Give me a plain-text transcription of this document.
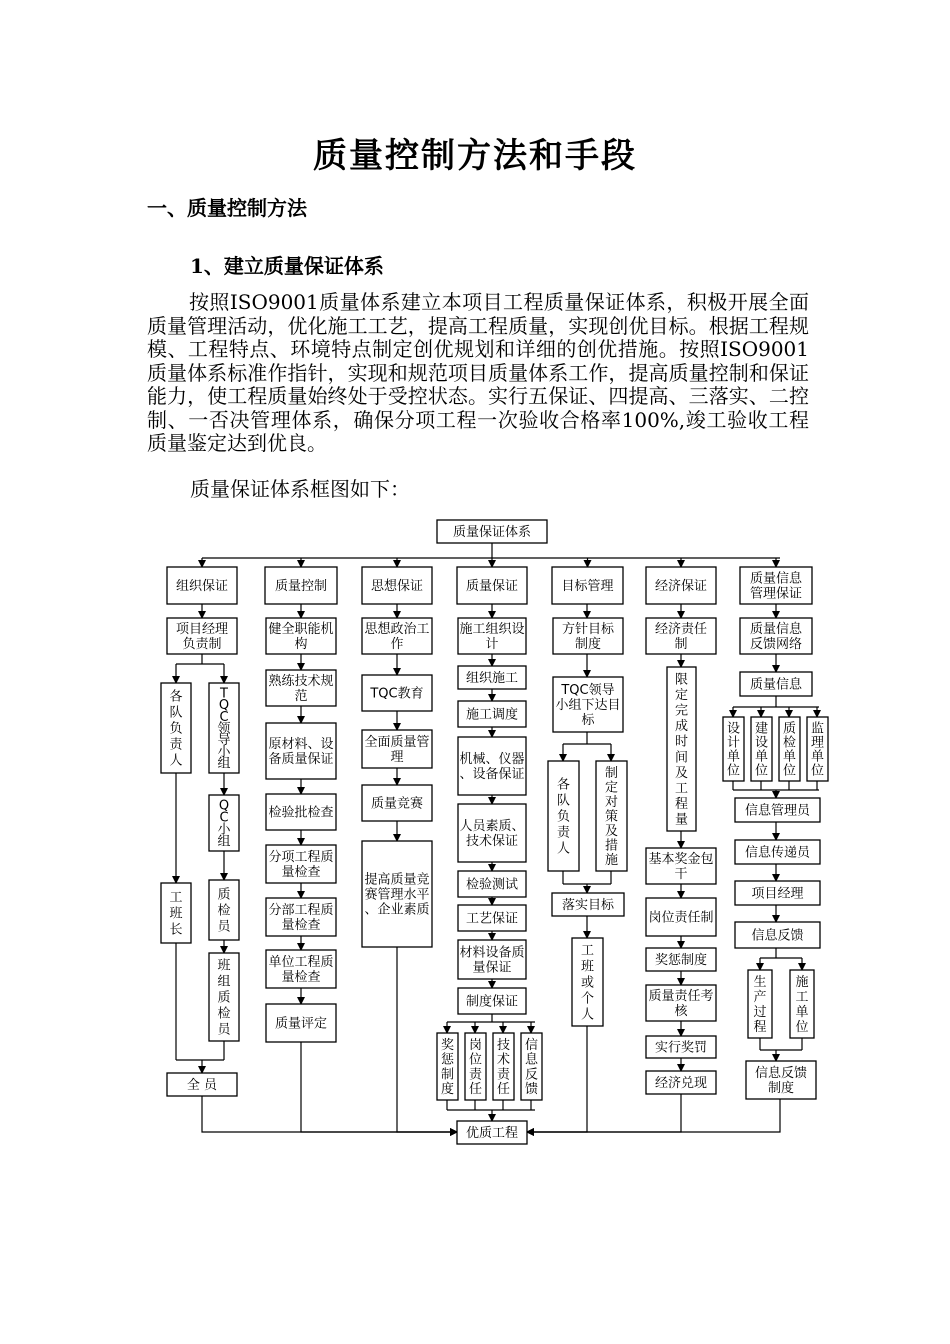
质量控制方法和手段
一、质量控制方法
1、建立质量保证体系

按照ISO9001质量体系建立本项目工程质量保证体系，积极开展全面质量管理活动，优化施工工艺，提高工程质量，实现创优目标。根据工程规模、工程特点、环境特点制定创优规划和详细的创优措施。按照ISO9001质量体系标准作指针，实现和规范项目质量体系工作，提高质量控制和保证能力，使工程质量始终处于受控状态。实行五保证、四提高、三落实、二控制、一否决管理体系，确保分项工程一次验收合格率100%,竣工验收工程质量鉴定达到优良。

质量保证体系框图如下：

质量保证体系
组织保证	质量控制	思想保证	质量保证	目标管理	经济保证	质量信息管理保证
优质工程
项目经理负责制
各队负责人
T Q C 领导小组
工班长
Q C 小组
质检员
班组质检员
全 员
健全职能机构
熟练技术规范
原材料、设备质量保证
检验批检查
分项工程质量检查
分部工程质量检查
单位工程质量检查
质量评定
思想政治工作
TQC教育
全面质量管理
质量竞赛
提高质量竞赛管理水平、企业素质
施工组织设计
组织施工
施工调度
机械、仪器、设备保证
人员素质、技术保证
检验测试
工艺保证
材料设备质量保证
制度保证
奖惩制度
岗位责任
技术责任
信息反馈
方针目标制度
TQC领导小组下达目标
各队负责人
制定对策及措施
落实目标
工班或个人
经济责任制
限定完成时间及工程量
基本奖金包干
岗位责任制
奖惩制度
质量责任考核
实行奖罚
经济兑现
质量信息反馈网络
质量信息
设计单位
建设单位
质检单位
监理单位
信息管理员
信息传递员
项目经理
信息反馈
生产过程
施工单位
信息反馈制度
